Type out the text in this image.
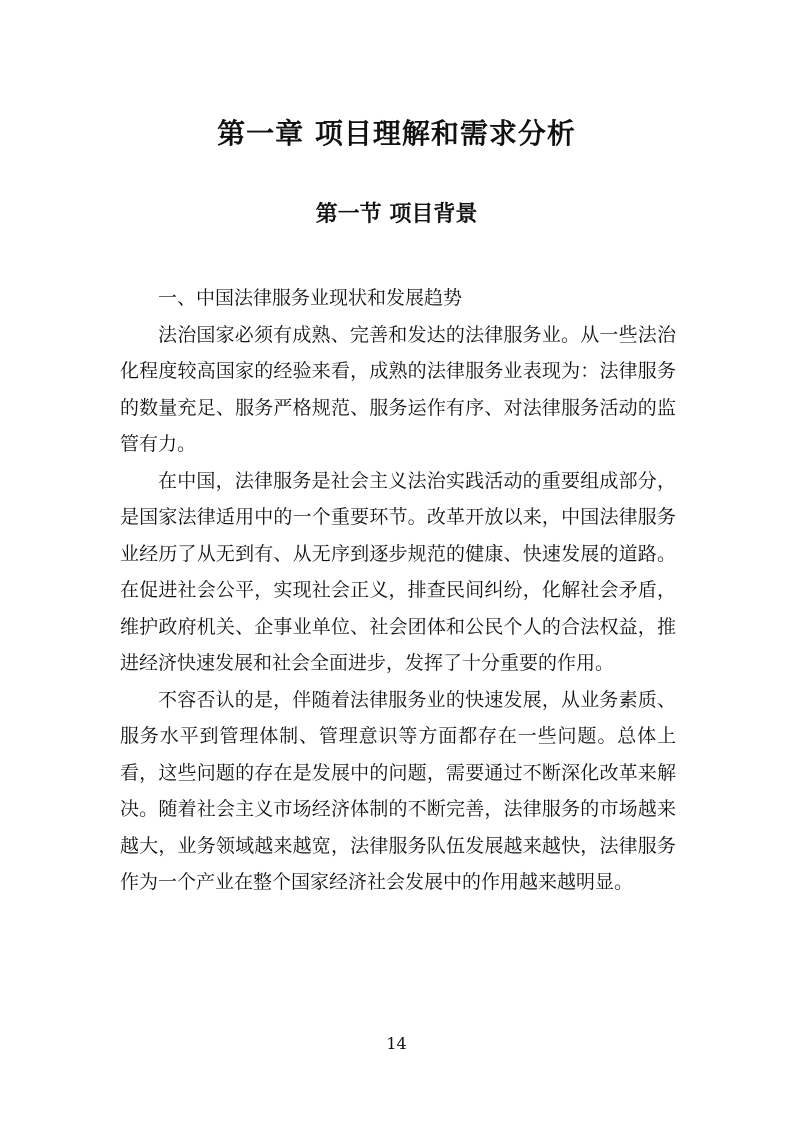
第一章 项目理解和需求分析
第一节 项目背景

一、中国法律服务业现状和发展趋势

法治国家必须有成熟、完善和发达的法律服务业。从一些法治化程度较高国家的经验来看，成熟的法律服务业表现为：法律服务的数量充足、服务严格规范、服务运作有序、对法律服务活动的监管有力。

在中国，法律服务是社会主义法治实践活动的重要组成部分，是国家法律适用中的一个重要环节。改革开放以来，中国法律服务业经历了从无到有、从无序到逐步规范的健康、快速发展的道路。在促进社会公平，实现社会正义，排查民间纠纷，化解社会矛盾，维护政府机关、企事业单位、社会团体和公民个人的合法权益，推进经济快速发展和社会全面进步，发挥了十分重要的作用。

不容否认的是，伴随着法律服务业的快速发展，从业务素质、服务水平到管理体制、管理意识等方面都存在一些问题。总体上看，这些问题的存在是发展中的问题，需要通过不断深化改革来解决。随着社会主义市场经济体制的不断完善，法律服务的市场越来越大，业务领域越来越宽，法律服务队伍发展越来越快，法律服务作为一个产业在整个国家经济社会发展中的作用越来越明显。

14
